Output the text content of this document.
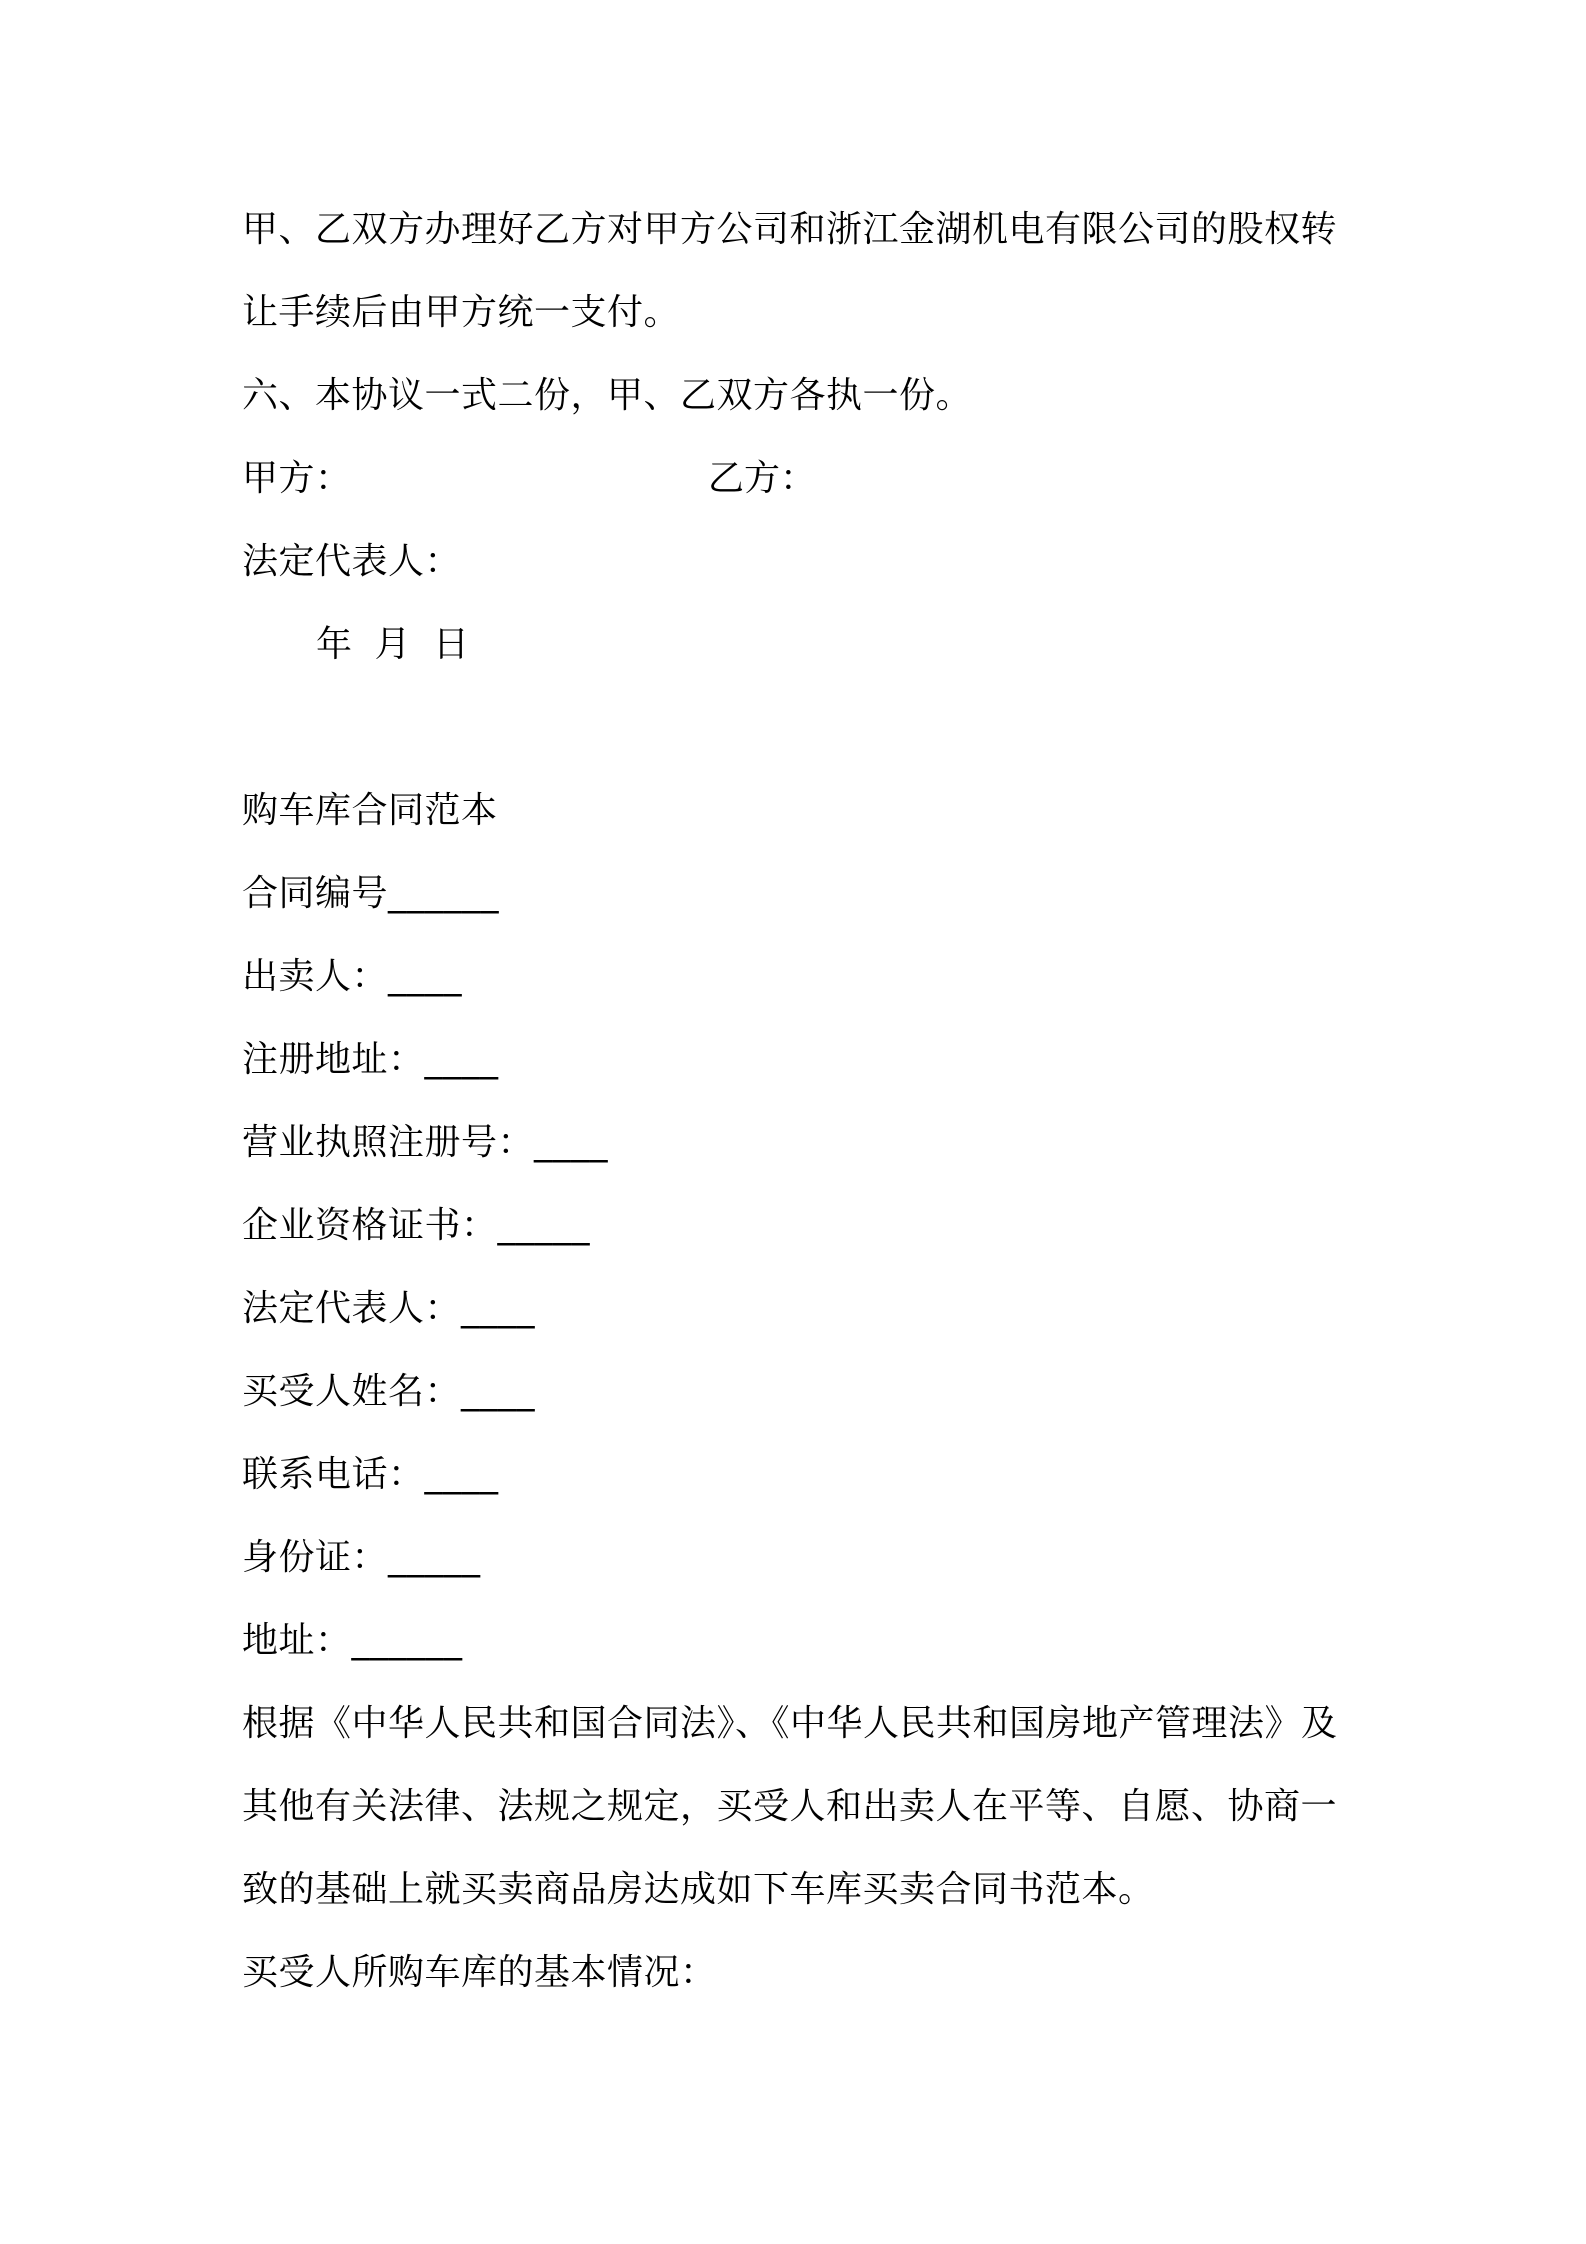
甲、乙双方办理好乙方对甲方公司和浙江金湖机电有限公司的股权转
让手续后由甲方统一支付。
六、本协议一式二份，甲、乙双方各执一份。
甲方：	乙方：
法定代表人：
年 月 日
购车库合同范本
合同编号______
出卖人：____
注册地址：____
营业执照注册号：____
企业资格证书：_____
法定代表人：____
买受人姓名：____
联系电话：____
身份证：_____
地址：______
根据《中华人民共和国合同法》、《中华人民共和国房地产管理法》及
其他有关法律、法规之规定，买受人和出卖人在平等、自愿、协商一
致的基础上就买卖商品房达成如下车库买卖合同书范本。
买受人所购车库的基本情况：
